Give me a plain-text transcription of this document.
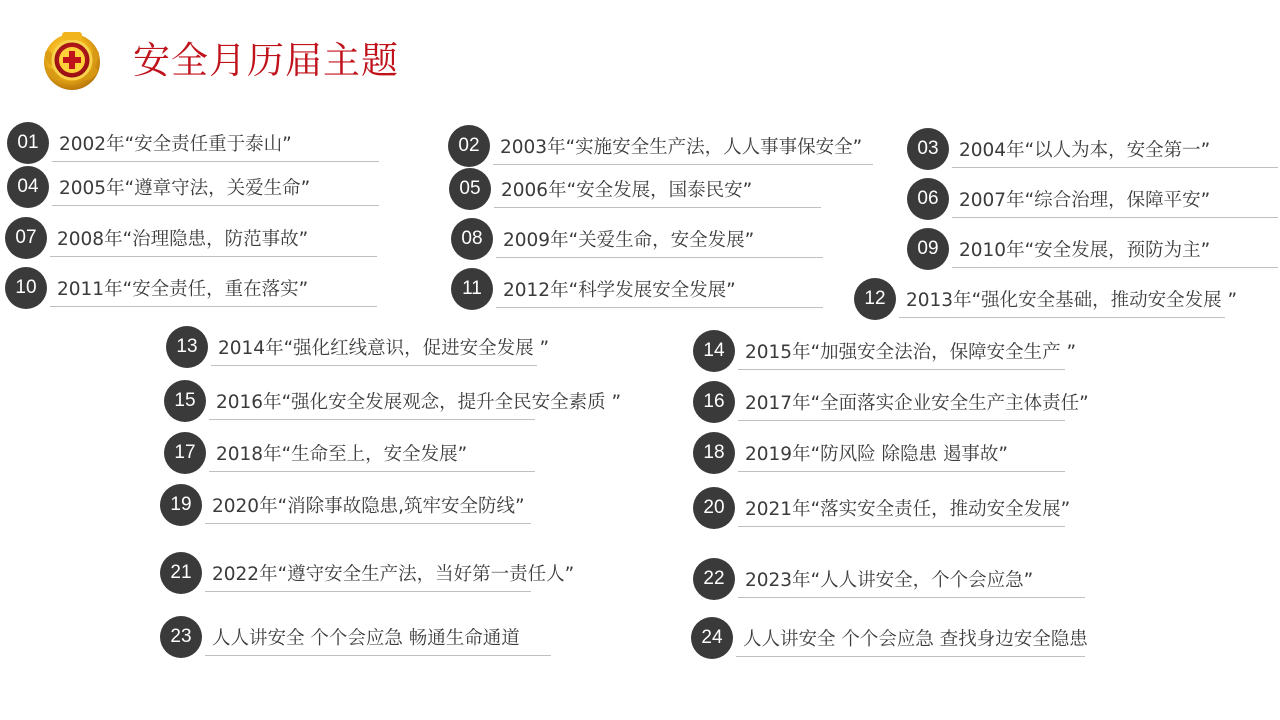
安全月历届主题
01	2002年“安全责任重于泰山”	02	2003年“实施安全生产法，人人事事保安全”	03	2004年“以人为本，安全第一”
04	2005年“遵章守法，关爱生命”	05	2006年“安全发展，国泰民安”	06	2007年“综合治理，保障平安”
07	2008年“治理隐患，防范事故”	08	2009年“关爱生命，安全发展”	09	2010年“安全发展，预防为主”
10	2011年“安全责任，重在落实”	11	2012年“科学发展安全发展”	12	2013年“强化安全基础，推动安全发展 ”
13	2014年“强化红线意识，促进安全发展 ”	14	2015年“加强安全法治，保障安全生产 ”
15	2016年“强化安全发展观念，提升全民安全素质 ”	16	2017年“全面落实企业安全生产主体责任”
17	2018年“生命至上，安全发展”	18	2019年“防风险 除隐患 遏事故”
19	2020年“消除事故隐患,筑牢安全防线”	20	2021年“落实安全责任，推动安全发展”
21	2022年“遵守安全生产法，当好第一责任人”	22	2023年“人人讲安全，个个会应急”
23	人人讲安全 个个会应急 畅通生命通道	24	人人讲安全 个个会应急 查找身边安全隐患
